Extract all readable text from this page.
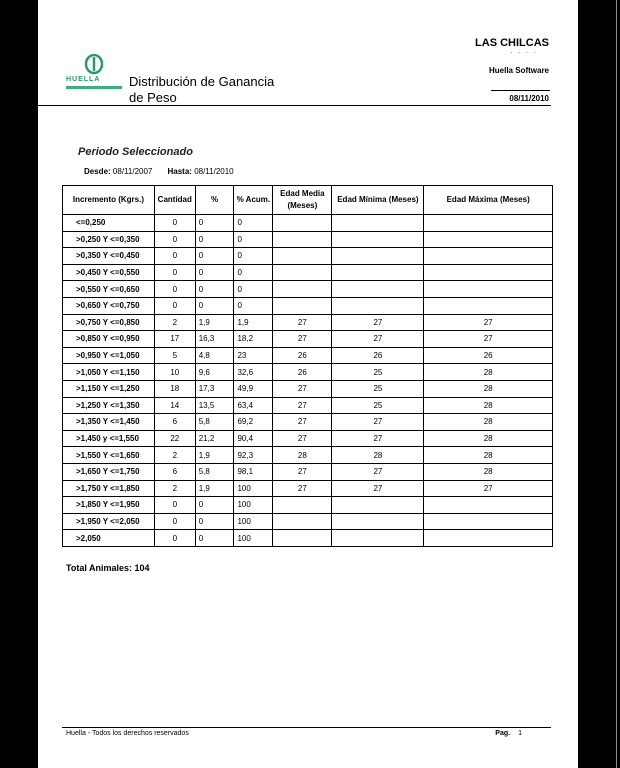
LAS CHILCAS
. . . .
Huella Software
08/11/2010
HUELLA	Distribución de Ganancia
de Peso
Periodo Seleccionado
Desde: 08/11/2007 Hasta: 08/11/2010
Incremento (Kgrs.)	Cantidad	%	% Acum.	Edad Media (Meses)	Edad Mínima (Meses)	Edad Máxima (Meses)
<=0,250	0	0	0			
>0,250 Y <=0,350	0	0	0			
>0,350 Y <=0,450	0	0	0			
>0,450 Y <=0,550	0	0	0			
>0,550 Y <=0,650	0	0	0			
>0,650 Y <=0,750	0	0	0			
>0,750 Y <=0,850	2	1,9	1,9	27	27	27
>0,850 Y <=0,950	17	16,3	18,2	27	27	27
>0,950 Y <=1,050	5	4,8	23	26	26	26
>1,050 Y <=1,150	10	9,6	32,6	26	25	28
>1,150 Y <=1,250	18	17,3	49,9	27	25	28
>1,250 Y <=1,350	14	13,5	63,4	27	25	28
>1,350 Y <=1,450	6	5,8	69,2	27	27	28
>1,450 y <=1,550	22	21,2	90,4	27	27	28
>1,550 Y <=1,650	2	1,9	92,3	28	28	28
>1,650 Y <=1,750	6	5,8	98,1	27	27	28
>1,750 Y <=1,850	2	1,9	100	27	27	27
>1,850 Y <=1,950	0	0	100			
>1,950 Y <=2,050	0	0	100			
>2,050	0	0	100			
Total Animales: 104
Huella - Todos los derechos reservados	Pag. 1
